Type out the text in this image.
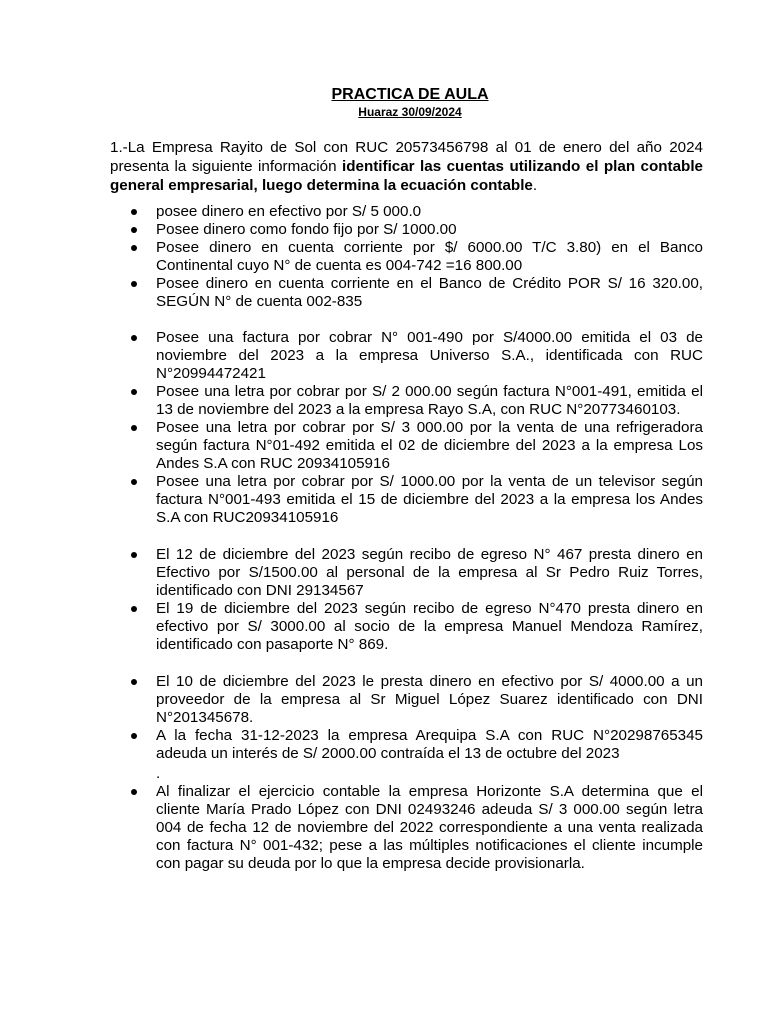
PRACTICA DE AULA
Huaraz 30/09/2024
1.-La Empresa Rayito de Sol con RUC 20573456798 al 01 de enero del año 2024 presenta la siguiente información identificar las cuentas utilizando el plan contable general empresarial, luego determina la ecuación contable.
posee dinero en efectivo por S/ 5 000.0
Posee dinero como fondo fijo por S/ 1000.00
Posee dinero en cuenta corriente por $/ 6000.00 T/C 3.80) en el Banco Continental cuyo N° de cuenta es 004-742 =16 800.00
Posee dinero en cuenta corriente en el Banco de Crédito POR S/ 16 320.00, SEGÚN N° de cuenta 002-835
Posee una factura por cobrar N° 001-490 por S/4000.00 emitida el 03 de noviembre del 2023 a la empresa Universo S.A., identificada con RUC N°20994472421
Posee una letra por cobrar por S/ 2 000.00 según factura N°001-491, emitida el 13 de noviembre del 2023 a la empresa Rayo S.A, con RUC N°20773460103.
Posee una letra por cobrar por S/ 3 000.00 por la venta de una refrigeradora según factura N°01-492 emitida el 02 de diciembre del 2023 a la empresa Los Andes S.A con RUC 20934105916
Posee una letra por cobrar por S/ 1000.00 por la venta de un televisor según factura N°001-493 emitida el 15 de diciembre del 2023 a la empresa los Andes S.A con RUC20934105916
El 12 de diciembre del 2023 según recibo de egreso N° 467 presta dinero en Efectivo por S/1500.00 al personal de la empresa al Sr Pedro Ruiz Torres, identificado con DNI 29134567
El 19 de diciembre del 2023 según recibo de egreso N°470 presta dinero en efectivo por S/ 3000.00 al socio de la empresa Manuel Mendoza Ramírez, identificado con pasaporte N° 869.
El 10 de diciembre del 2023 le presta dinero en efectivo por S/ 4000.00 a un proveedor de la empresa al Sr Miguel López Suarez identificado con DNI N°201345678.
A la fecha 31-12-2023 la empresa Arequipa S.A con RUC N°20298765345 adeuda un interés de S/ 2000.00 contraída el 13 de octubre del 2023
.
Al finalizar el ejercicio contable la empresa Horizonte S.A determina que el cliente María Prado López con DNI 02493246 adeuda S/ 3 000.00 según letra 004 de fecha 12 de noviembre del 2022 correspondiente a una venta realizada con factura N° 001-432; pese a las múltiples notificaciones el cliente incumple con pagar su deuda por lo que la empresa decide provisionarla.
